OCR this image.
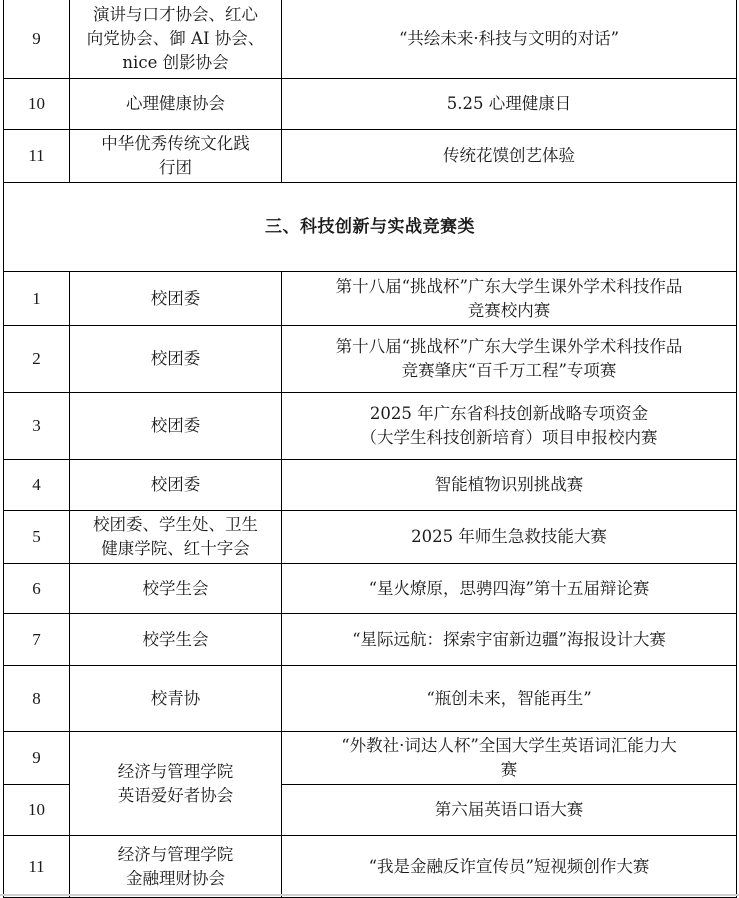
9	演讲与口才协会、红心
向党协会、御 AI 协会、
nice 创影协会	“共绘未来·科技与文明的对话”

10	心理健康协会	5.25 心理健康日

11	中华优秀传统文化践
行团	传统花馍创艺体验

三、科技创新与实战竞赛类		
1	校团委	第十八届“挑战杯”广东大学生课外学术科技作品
竞赛校内赛

2	校团委	第十八届“挑战杯”广东大学生课外学术科技作品
竞赛肇庆“百千万工程”专项赛

3	校团委	2025 年广东省科技创新战略专项资金
（大学生科技创新培育）项目申报校内赛

4	校团委	智能植物识别挑战赛

5	校团委、学生处、卫生
健康学院、红十字会	2025 年师生急救技能大赛

6	校学生会	“星火燎原，思骋四海”第十五届辩论赛

7	校学生会	“星际远航：探索宇宙新边疆”海报设计大赛

8	校青协	“瓶创未来，智能再生”

9	经济与管理学院
英语爱好者协会	“外教社·词达人杯”全国大学生英语词汇能力大
赛

10		第六届英语口语大赛

11	经济与管理学院
金融理财协会	“我是金融反诈宣传员”短视频创作大赛
